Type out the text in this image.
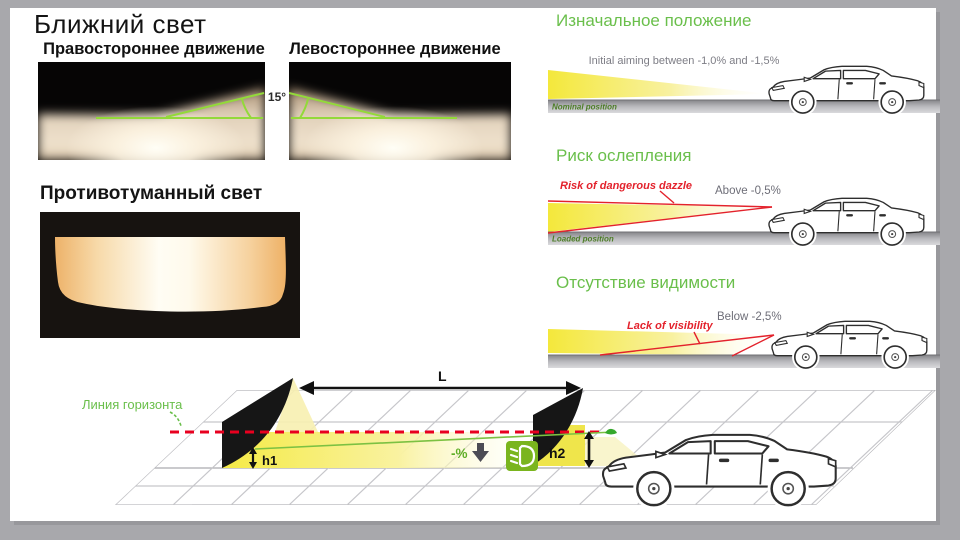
Ближний свет
Правостороннее движение	Левостороннее движение
15°
Противотуманный свет
Изначальное положение
Initial aiming between -1,0% and -1,5%
Nominal position
Риск ослепления
Risk of dangerous dazzle Above -0,5%
Loaded position
Отсутствие видимости
Below -2,5%
Lack of visibility
L
h1	h2
-%
Линия горизонта
